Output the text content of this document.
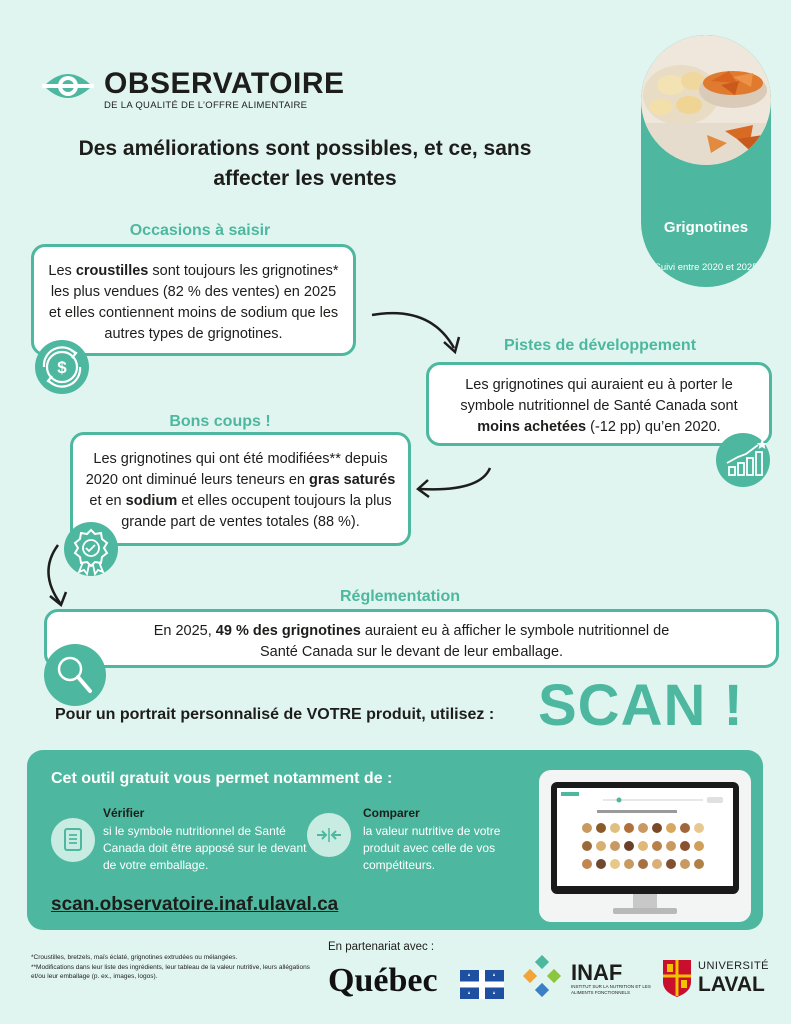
OBSERVATOIRE
DE LA QUALITÉ DE L’OFFRE ALIMENTAIRE
Des améliorations sont possibles, et ce, sans affecter les ventes
Grignotines
Suivi entre 2020 et 2025
Occasions à saisir
Les croustilles sont toujours les grignotines* les plus vendues (82 % des ventes) en 2025 et elles contiennent moins de sodium que les autres types de grignotines.
$
Pistes de développement
Les grignotines qui auraient eu à porter le symbole nutritionnel de Santé Canada sont moins achetées (-12 pp) qu’en 2020.
Bons coups !
Les grignotines qui ont été modifiées** depuis 2020 ont diminué leurs teneurs en gras saturés et en sodium et elles occupent toujours la plus grande part de ventes totales (88 %).
Réglementation
En 2025, 49 % des grignotines auraient eu à afficher le symbole nutritionnel de Santé Canada sur le devant de leur emballage.
Pour un portrait personnalisé de VOTRE produit, utilisez : SCAN !
Cet outil gratuit vous permet notamment de :
Vérifier
si le symbole nutritionnel de Santé Canada doit être apposé sur le devant de votre emballage.
Comparer
la valeur nutritive de votre produit avec celle de vos compétiteurs.
scan.observatoire.inaf.ulaval.ca
*Croustilles, bretzels, maïs éclaté, grignotines extrudées ou mélangées.
**Modifications dans leur liste des ingrédients, leur tableau de la valeur nutritive, leurs allégations et/ou leur emballage (p. ex., images, logos).
En partenariat avec :
Québec	INAF
INSTITUT SUR LA NUTRITION ET LES ALIMENTS FONCTIONNELS
UNIVERSITÉ
LAVAL
